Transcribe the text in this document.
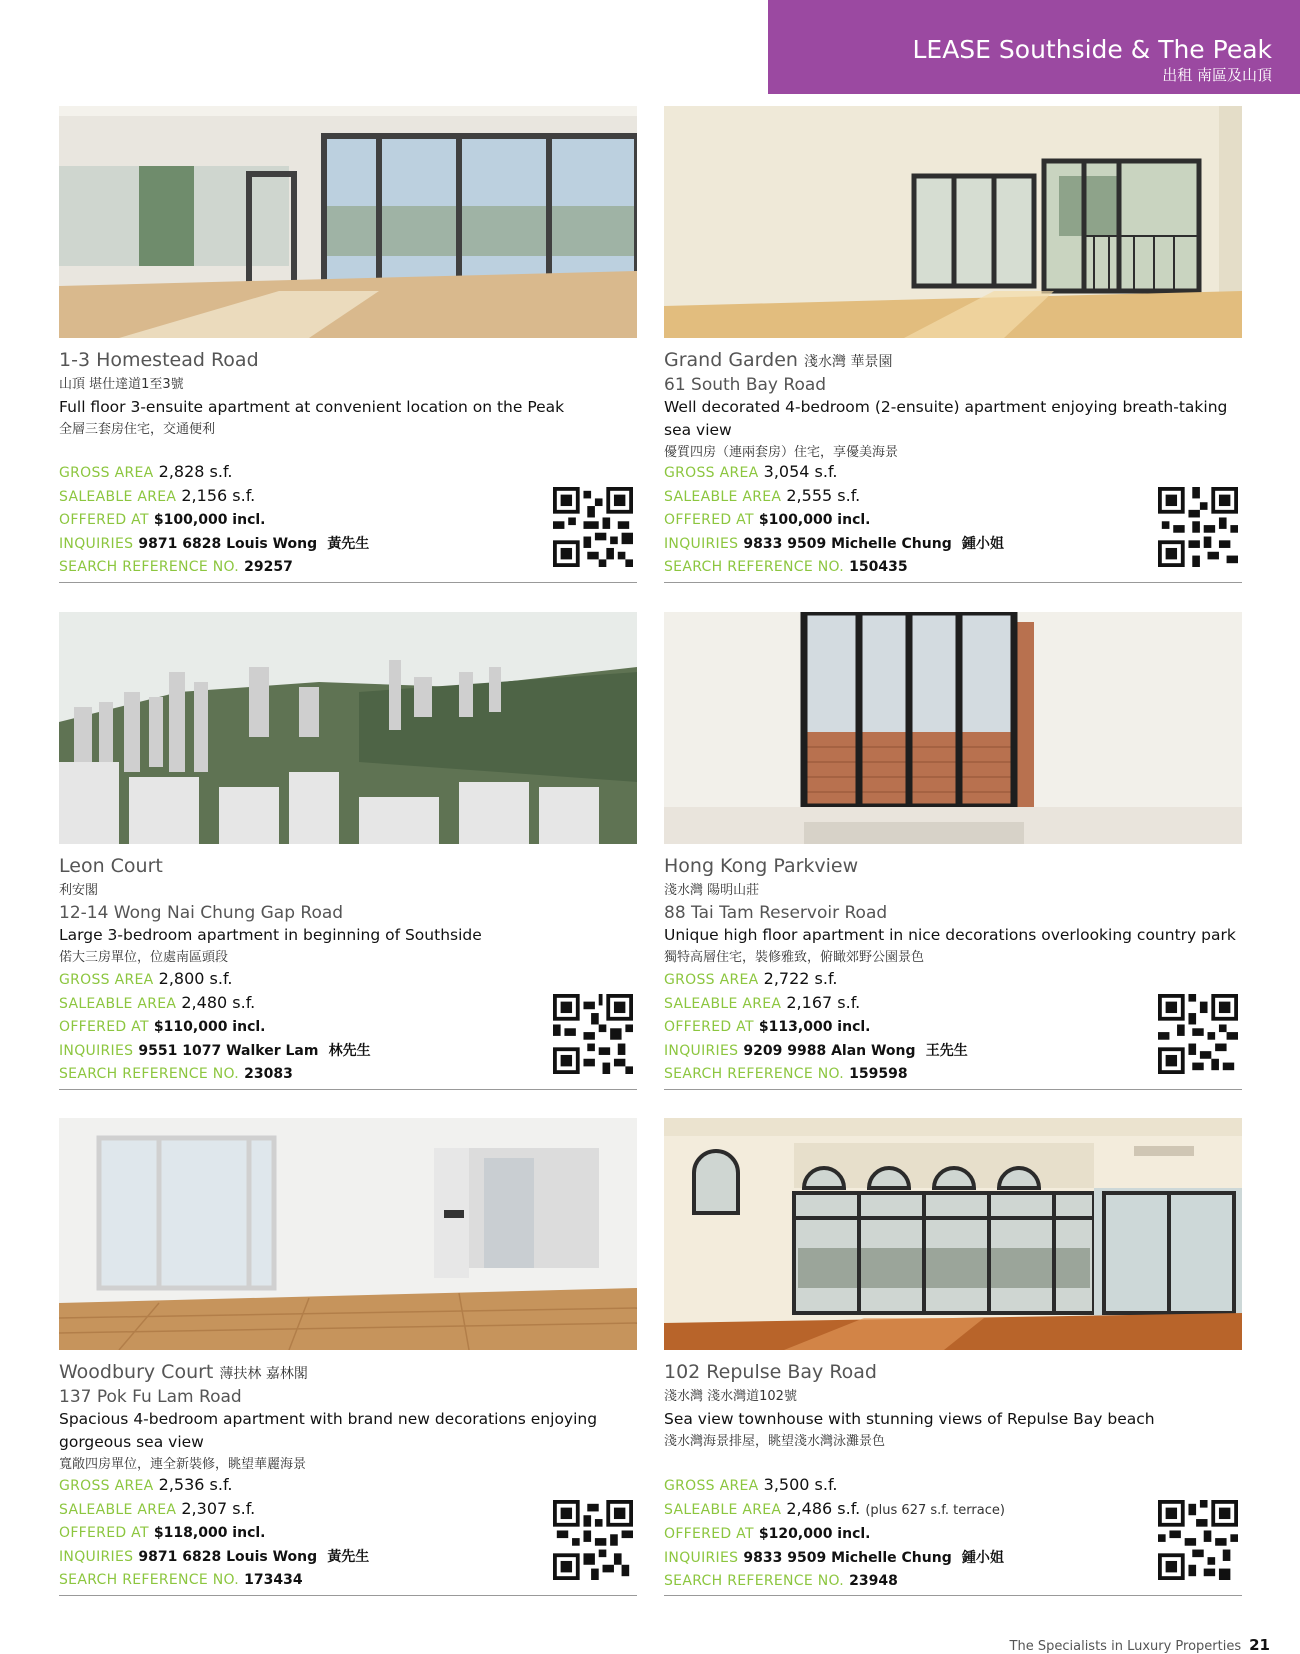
LEASE Southside & The Peak
出租 南區及山頂
1-3 Homestead Road
山頂 堪仕達道1至3號
Full floor 3-ensuite apartment at convenient location on the Peak
全層三套房住宅，交通便利
GROSS AREA 2,828 s.f.
SALEABLE AREA 2,156 s.f.
OFFERED AT $100,000 incl.
INQUIRIES 9871 6828 Louis Wong 黃先生
SEARCH REFERENCE NO. 29257
Grand Garden 淺水灣 華景園
61 South Bay Road
Well decorated 4-bedroom (2-ensuite) apartment enjoying breath-taking sea view
優質四房（連兩套房）住宅，享優美海景
GROSS AREA 3,054 s.f.
SALEABLE AREA 2,555 s.f.
OFFERED AT $100,000 incl.
INQUIRIES 9833 9509 Michelle Chung 鍾小姐
SEARCH REFERENCE NO. 150435
Leon Court
利安閣
12-14 Wong Nai Chung Gap Road
Large 3-bedroom apartment in beginning of Southside
偌大三房單位，位處南區頭段
GROSS AREA 2,800 s.f.
SALEABLE AREA 2,480 s.f.
OFFERED AT $110,000 incl.
INQUIRIES 9551 1077 Walker Lam 林先生
SEARCH REFERENCE NO. 23083
Hong Kong Parkview
淺水灣 陽明山莊
88 Tai Tam Reservoir Road
Unique high floor apartment in nice decorations overlooking country park
獨特高層住宅，裝修雅致，俯瞰郊野公園景色
GROSS AREA 2,722 s.f.
SALEABLE AREA 2,167 s.f.
OFFERED AT $113,000 incl.
INQUIRIES 9209 9988 Alan Wong 王先生
SEARCH REFERENCE NO. 159598
Woodbury Court 薄扶林 嘉林閣
137 Pok Fu Lam Road
Spacious 4-bedroom apartment with brand new decorations enjoying gorgeous sea view
寬敞四房單位，連全新裝修，眺望華麗海景
GROSS AREA 2,536 s.f.
SALEABLE AREA 2,307 s.f.
OFFERED AT $118,000 incl.
INQUIRIES 9871 6828 Louis Wong 黃先生
SEARCH REFERENCE NO. 173434
102 Repulse Bay Road
淺水灣 淺水灣道102號
Sea view townhouse with stunning views of Repulse Bay beach
淺水灣海景排屋，眺望淺水灣泳灘景色
GROSS AREA 3,500 s.f.
SALEABLE AREA 2,486 s.f. (plus 627 s.f. terrace)
OFFERED AT $120,000 incl.
INQUIRIES 9833 9509 Michelle Chung 鍾小姐
SEARCH REFERENCE NO. 23948
The Specialists in Luxury Properties 21
